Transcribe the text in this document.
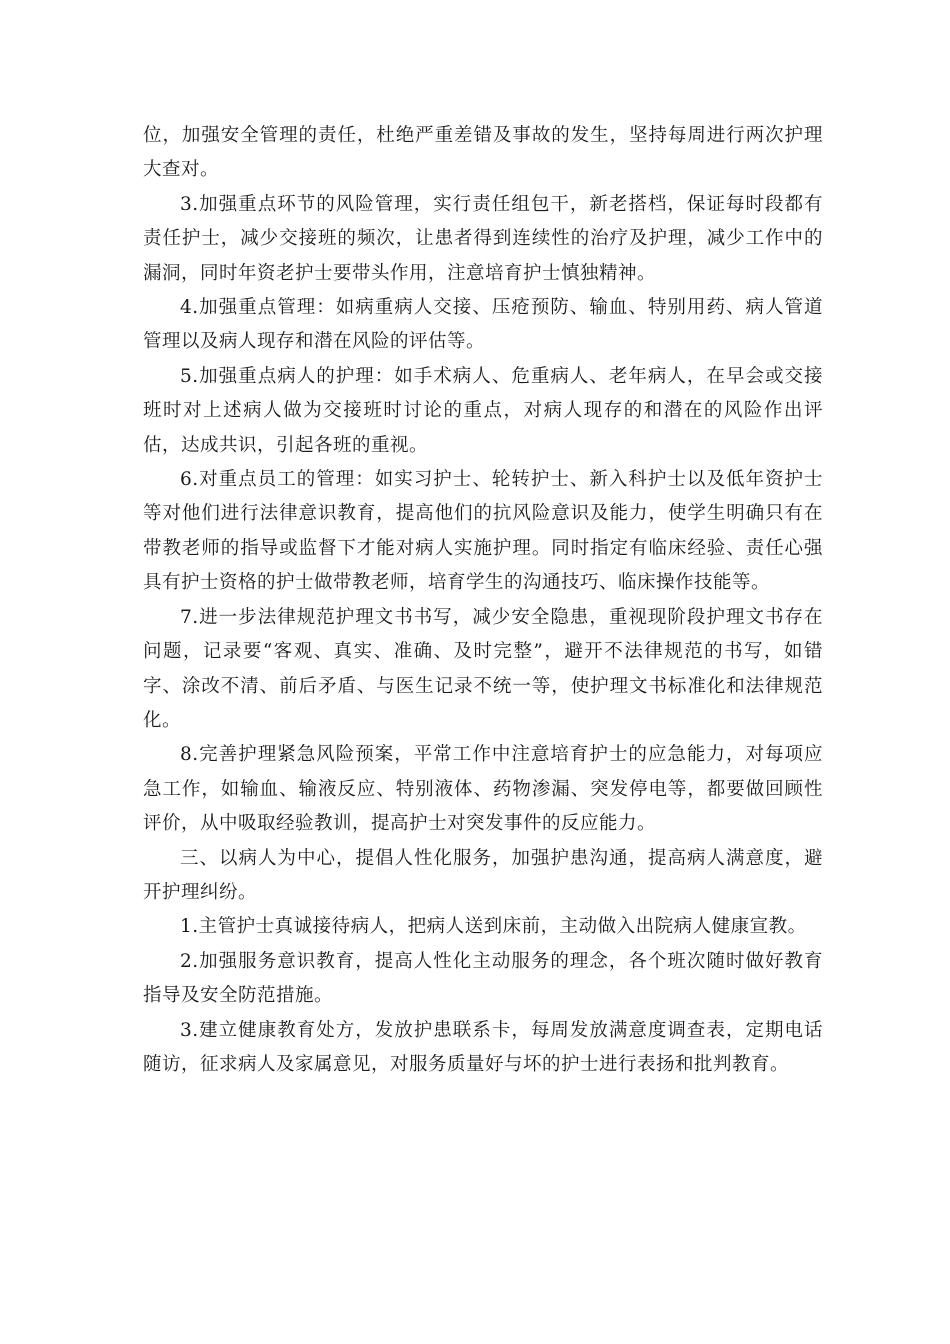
位，加强安全管理的责任，杜绝严重差错及事故的发生，坚持每周进行两次护理大查对。

3.加强重点环节的风险管理，实行责任组包干，新老搭档，保证每时段都有责任护士，减少交接班的频次，让患者得到连续性的治疗及护理，减少工作中的漏洞，同时年资老护士要带头作用，注意培育护士慎独精神。

4.加强重点管理：如病重病人交接、压疮预防、输血、特别用药、病人管道管理以及病人现存和潜在风险的评估等。

5.加强重点病人的护理：如手术病人、危重病人、老年病人，在早会或交接班时对上述病人做为交接班时讨论的重点，对病人现存的和潜在的风险作出评估，达成共识，引起各班的重视。

6.对重点员工的管理：如实习护士、轮转护士、新入科护士以及低年资护士等对他们进行法律意识教育，提高他们的抗风险意识及能力，使学生明确只有在带教老师的指导或监督下才能对病人实施护理。同时指定有临床经验、责任心强具有护士资格的护士做带教老师，培育学生的沟通技巧、临床操作技能等。

7.进一步法律规范护理文书书写，减少安全隐患，重视现阶段护理文书存在问题，记录要“客观、真实、准确、及时完整”，避开不法律规范的书写，如错字、涂改不清、前后矛盾、与医生记录不统一等，使护理文书标准化和法律规范化。

8.完善护理紧急风险预案，平常工作中注意培育护士的应急能力，对每项应急工作，如输血、输液反应、特别液体、药物渗漏、突发停电等，都要做回顾性评价，从中吸取经验教训，提高护士对突发事件的反应能力。

三、以病人为中心，提倡人性化服务，加强护患沟通，提高病人满意度，避开护理纠纷。

1.主管护士真诚接待病人，把病人送到床前，主动做入出院病人健康宣教。

2.加强服务意识教育，提高人性化主动服务的理念，各个班次随时做好教育指导及安全防范措施。

3.建立健康教育处方，发放护患联系卡，每周发放满意度调查表，定期电话随访，征求病人及家属意见，对服务质量好与坏的护士进行表扬和批判教育。
